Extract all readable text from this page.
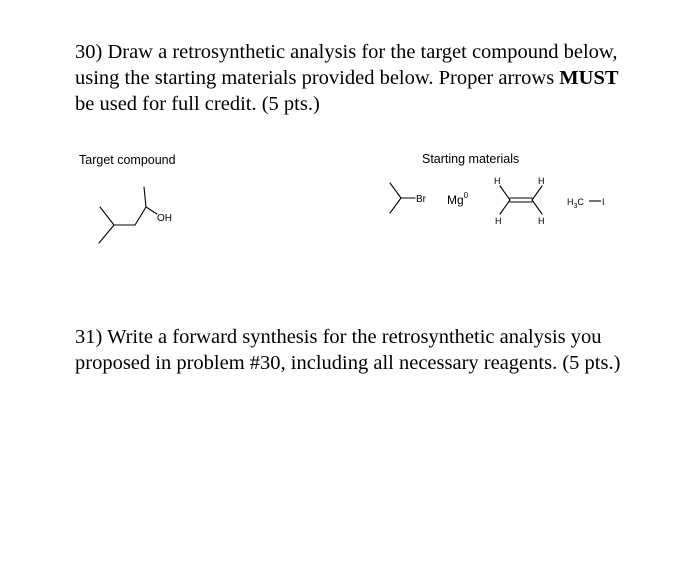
30) Draw a retrosynthetic analysis for the target compound below, using the starting materials provided below. Proper arrows MUST be used for full credit. (5 pts.)

Target compound	Starting materials
OH
Br Mg$^0$
H	H
H	H
$H_3C$ I

31) Write a forward synthesis for the retrosynthetic analysis you proposed in problem #30, including all necessary reagents. (5 pts.)
